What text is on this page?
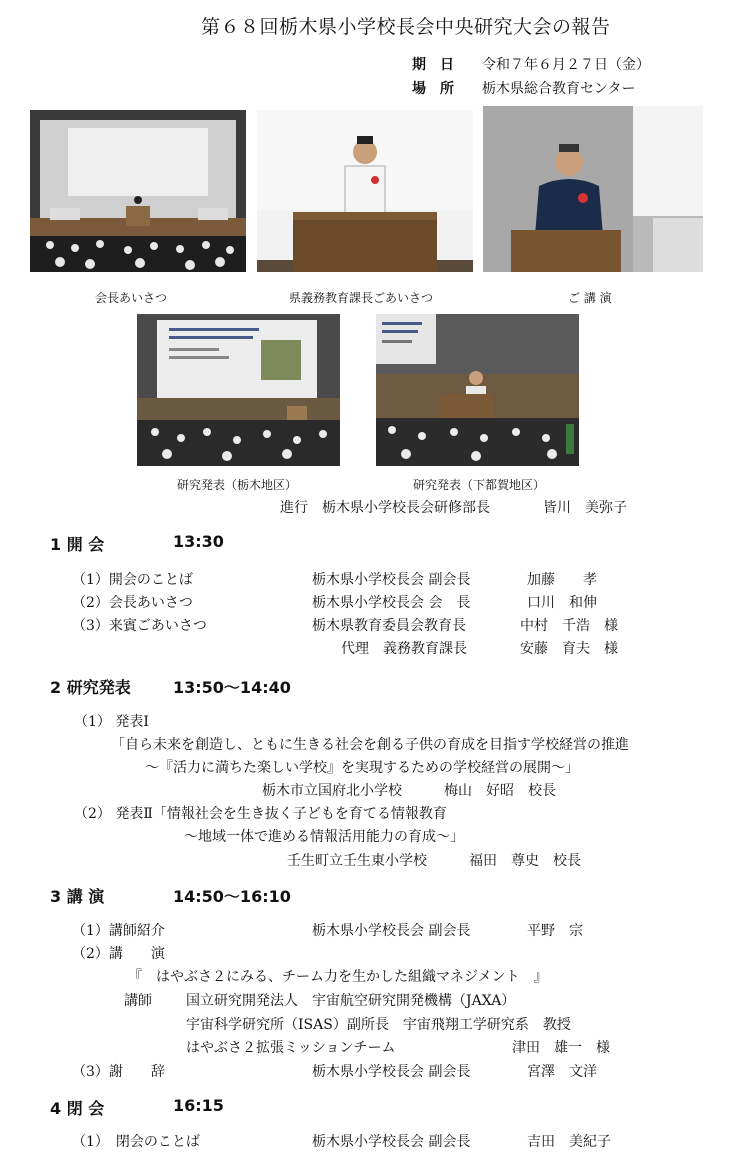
第６８回栃木県小学校長会中央研究大会の報告
期　日 令和７年６月２７日（金）
場　所 栃木県総合教育センター
会長あいさつ	県義務教育課長ごあいさつ	ご 講 演
研究発表（栃木地区）	研究発表（下都賀地区）
進行　栃木県小学校長会研修部長	皆川　美弥子
1 開 会	13:30
（1）開会のことば	栃木県小学校長会 副会長	加藤　　孝
（2）会長あいさつ	栃木県小学校長会 会　長	口川　和伸
（3）来賓ごあいさつ	栃木県教育委員会教育長	中村　千浩　様
代理　義務教育課長	安藤　育夫　様
2 研究発表	13:50〜14:40
（1） 発表Ⅰ
「自ら未来を創造し、ともに生きる社会を創る子供の育成を目指す学校経営の推進
〜『活力に満ちた楽しい学校』を実現するための学校経営の展開〜」
栃木市立国府北小学校　　　梅山　好昭　校長
（2） 発表Ⅱ「情報社会を生き抜く子どもを育てる情報教育
〜地域一体で進める情報活用能力の育成〜」
壬生町立壬生東小学校　　　福田　尊史　校長
3 講 演	14:50〜16:10
（1）講師紹介	栃木県小学校長会 副会長	平野　宗
（2）講　　演
『　はやぶさ２にみる、チーム力を生かした組織マネジメント　』
講師 国立研究開発法人　宇宙航空研究開発機構（JAXA）
宇宙科学研究所（ISAS）副所長　宇宙飛翔工学研究系　教授
はやぶさ２拡張ミッションチーム	津田　雄一　様
（3）謝　　辞	栃木県小学校長会 副会長	宮澤　文洋
4 閉 会	16:15
（1）　閉会のことば	栃木県小学校長会 副会長	吉田　美紀子
